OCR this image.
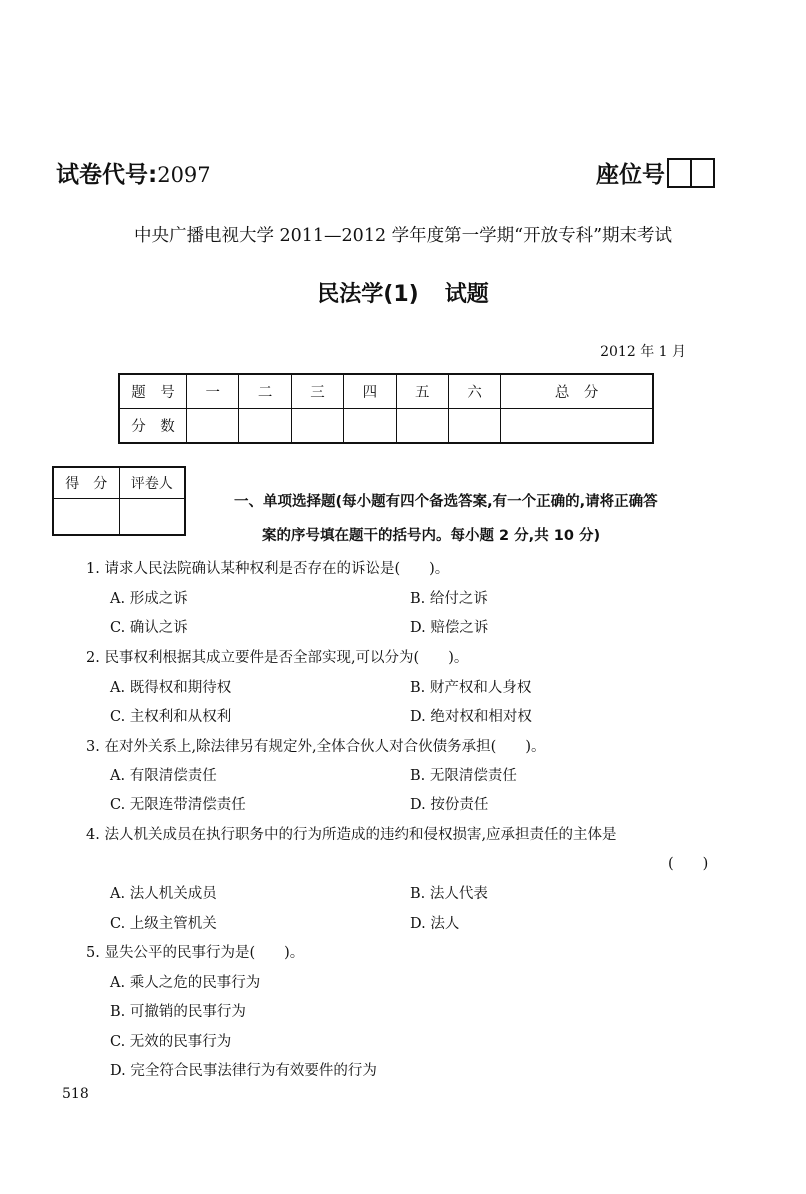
试卷代号:2097	座位号
中央广播电视大学 2011—2012 学年度第一学期“开放专科”期末考试
民法学(1) 试题
2012 年 1 月
题　号	一	二	三	四	五	六	总　分
分　数							
得　分	评卷人

一、单项选择题(每小题有四个备选答案,有一个正确的,请将正确答
案的序号填在题干的括号内。每小题 2 分,共 10 分)
1. 请求人民法院确认某种权利是否存在的诉讼是(　　)。
A. 形成之诉	B. 给付之诉
C. 确认之诉	D. 赔偿之诉
2. 民事权利根据其成立要件是否全部实现,可以分为(　　)。
A. 既得权和期待权	B. 财产权和人身权
C. 主权利和从权利	D. 绝对权和相对权
3. 在对外关系上,除法律另有规定外,全体合伙人对合伙债务承担(　　)。
A. 有限清偿责任	B. 无限清偿责任
C. 无限连带清偿责任	D. 按份责任
4. 法人机关成员在执行职务中的行为所造成的违约和侵权损害,应承担责任的主体是
(　　)
A. 法人机关成员	B. 法人代表
C. 上级主管机关	D. 法人
5. 显失公平的民事行为是(　　)。
A. 乘人之危的民事行为
B. 可撤销的民事行为
C. 无效的民事行为
D. 完全符合民事法律行为有效要件的行为
518
